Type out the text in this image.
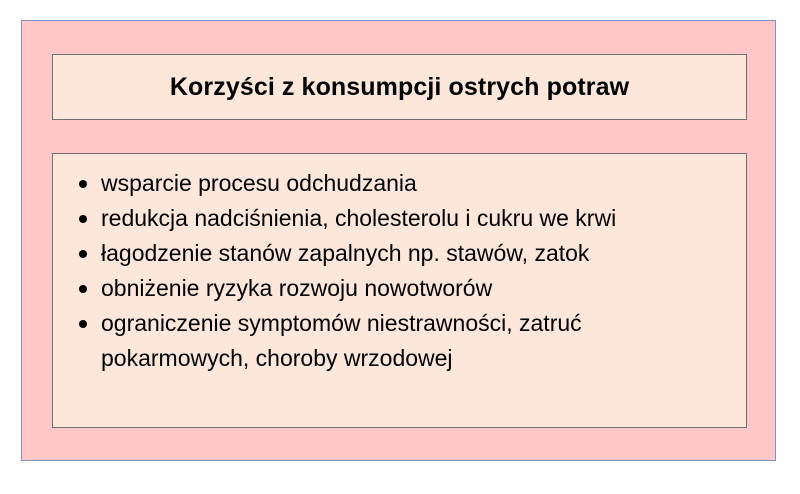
Korzyści z konsumpcji ostrych potraw
wsparcie procesu odchudzania
redukcja nadciśnienia, cholesterolu i cukru we krwi
łagodzenie stanów zapalnych np. stawów, zatok
obniżenie ryzyka rozwoju nowotworów
ograniczenie symptomów niestrawności, zatruć pokarmowych, choroby wrzodowej
